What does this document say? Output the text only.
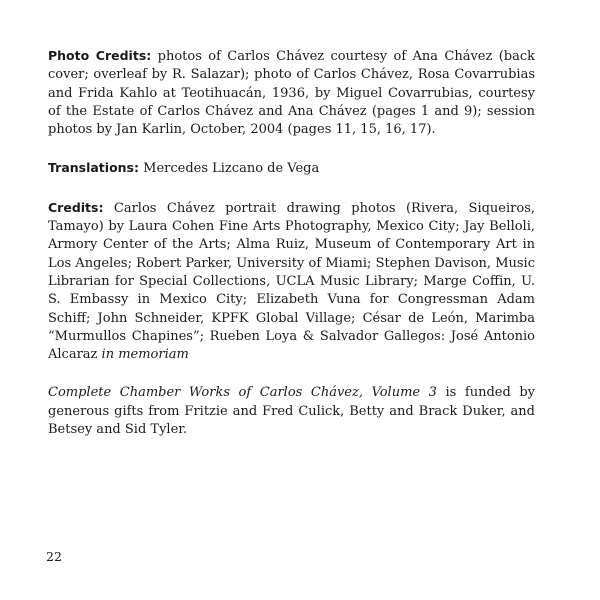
Photo Credits: photos of Carlos Chávez courtesy of Ana Chávez (back cover; overleaf by R. Salazar); photo of Carlos Chávez, Rosa Covarrubias and Frida Kahlo at Teotihuacán, 1936, by Miguel Covarrubias, courtesy of the Estate of Carlos Chávez and Ana Chávez (pages 1 and 9); session photos by Jan Karlin, October, 2004 (pages 11, 15, 16, 17).

Translations: Mercedes Lizcano de Vega

Credits: Carlos Chávez portrait drawing photos (Rivera, Siqueiros, Tamayo) by Laura Cohen Fine Arts Photography, Mexico City; Jay Belloli, Armory Center of the Arts; Alma Ruiz, Museum of Contemporary Art in Los Angeles; Robert Parker, University of Miami; Stephen Davison, Music Librarian for Special Collections, UCLA Music Library; Marge Coffin, U. S. Embassy in Mexico City; Elizabeth Vuna for Congressman Adam Schiff; John Schneider, KPFK Global Village; César de León, Marimba “Murmullos Chapines”; Rueben Loya & Salvador Gallegos: José Antonio Alcaraz in memoriam

Complete Chamber Works of Carlos Chávez, Volume 3 is funded by generous gifts from Fritzie and Fred Culick, Betty and Brack Duker, and Betsey and Sid Tyler.

22
